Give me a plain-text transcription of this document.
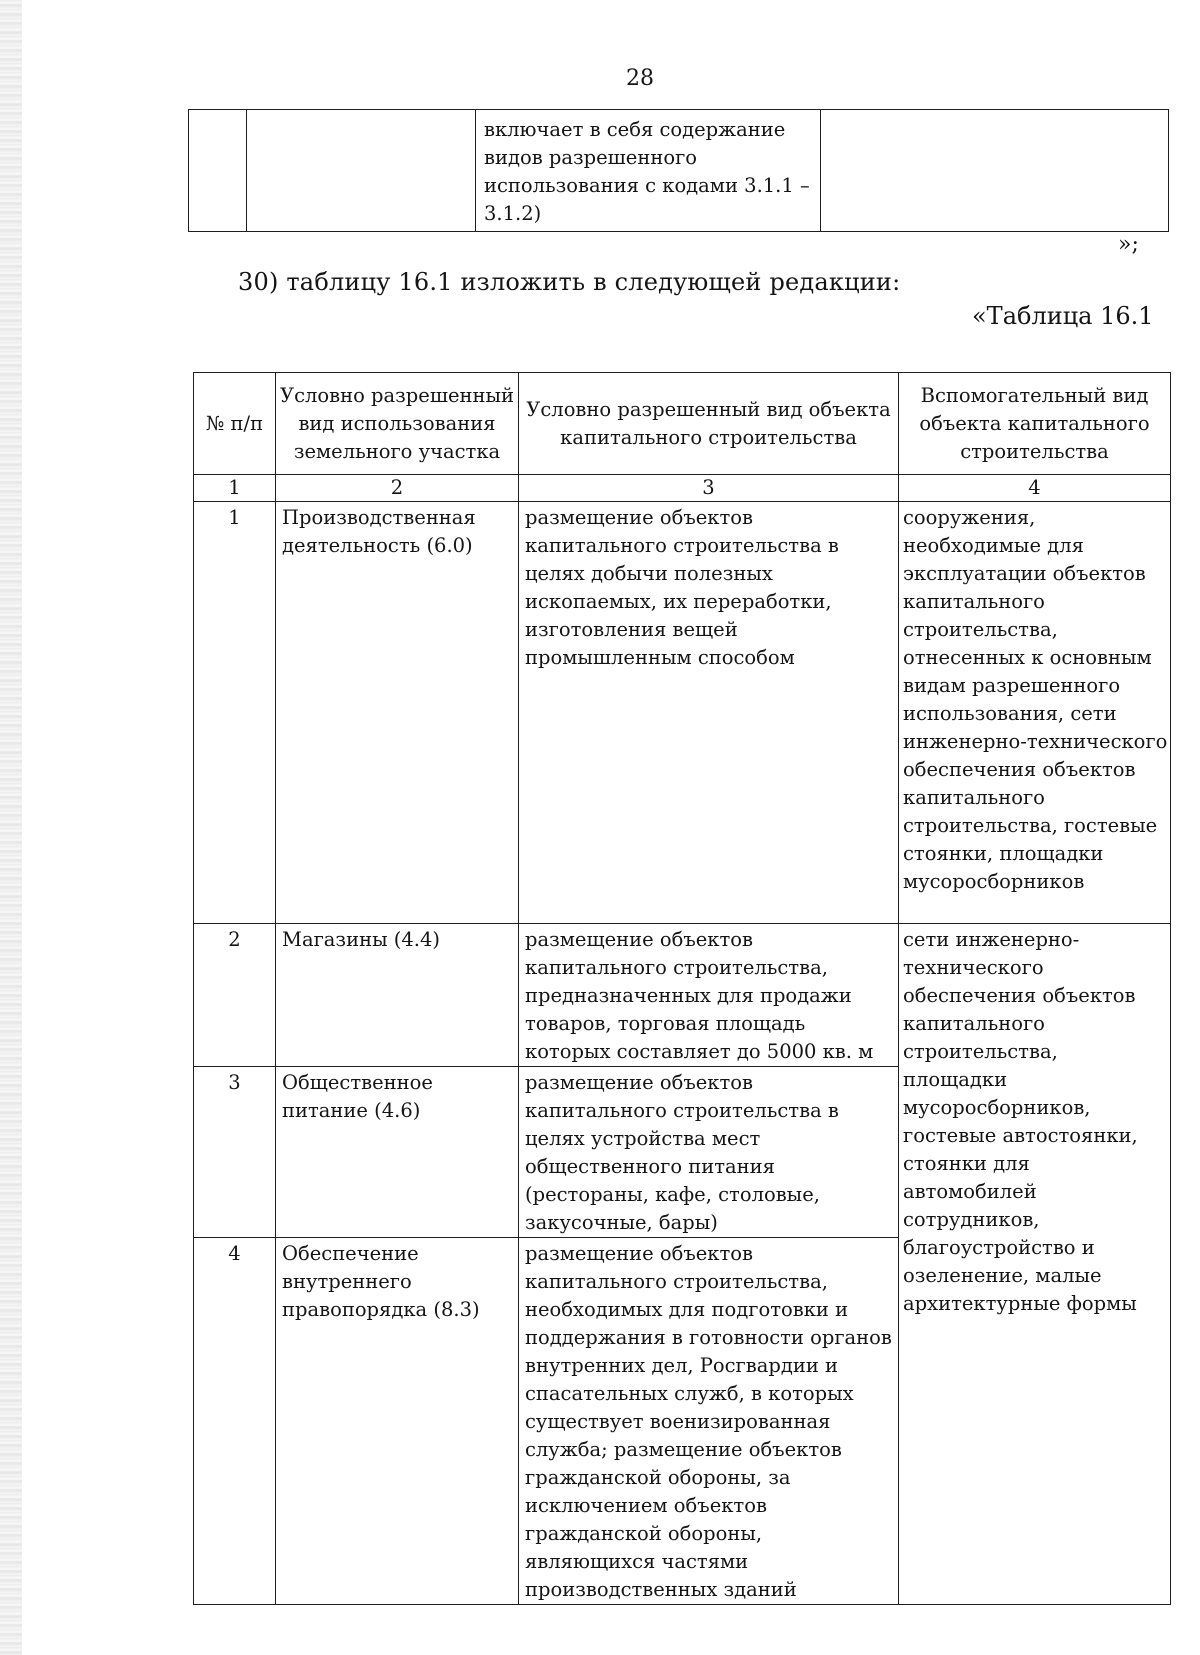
28
		включает в себя содержание видов разрешенного использования с кодами 3.1.1 – 3.1.2)	
»;
30) таблицу 16.1 изложить в следующей редакции:
«Таблица 16.1
№ п/п	Условно разрешенный вид использования земельного участка	Условно разрешенный вид объекта капитального строительства	Вспомогательный вид объекта капитального строительства
1	2	3	4
1	Производственная деятельность (6.0)	размещение объектов капитального строительства в целях добычи полезных ископаемых, их переработки, изготовления вещей промышленным способом	сооружения, необходимые для эксплуатации объектов капитального строительства, отнесенных к основным видам разрешенного использования, сети инженерно-технического обеспечения объектов капитального строительства, гостевые стоянки, площадки мусоросборников
2	Магазины (4.4)	размещение объектов капитального строительства, предназначенных для продажи товаров, торговая площадь которых составляет до 5000 кв. м	сети инженерно-технического обеспечения объектов капитального строительства, площадки мусоросборников, гостевые автостоянки, стоянки для автомобилей сотрудников, благоустройство и озеленение, малые архитектурные формы
3	Общественное питание (4.6)	размещение объектов капитального строительства в целях устройства мест общественного питания (рестораны, кафе, столовые, закусочные, бары)	
4	Обеспечение внутреннего правопорядка (8.3)	размещение объектов капитального строительства, необходимых для подготовки и поддержания в готовности органов внутренних дел, Росгвардии и спасательных служб, в которых существует военизированная служба; размещение объектов гражданской обороны, за исключением объектов гражданской обороны, являющихся частями производственных зданий	
